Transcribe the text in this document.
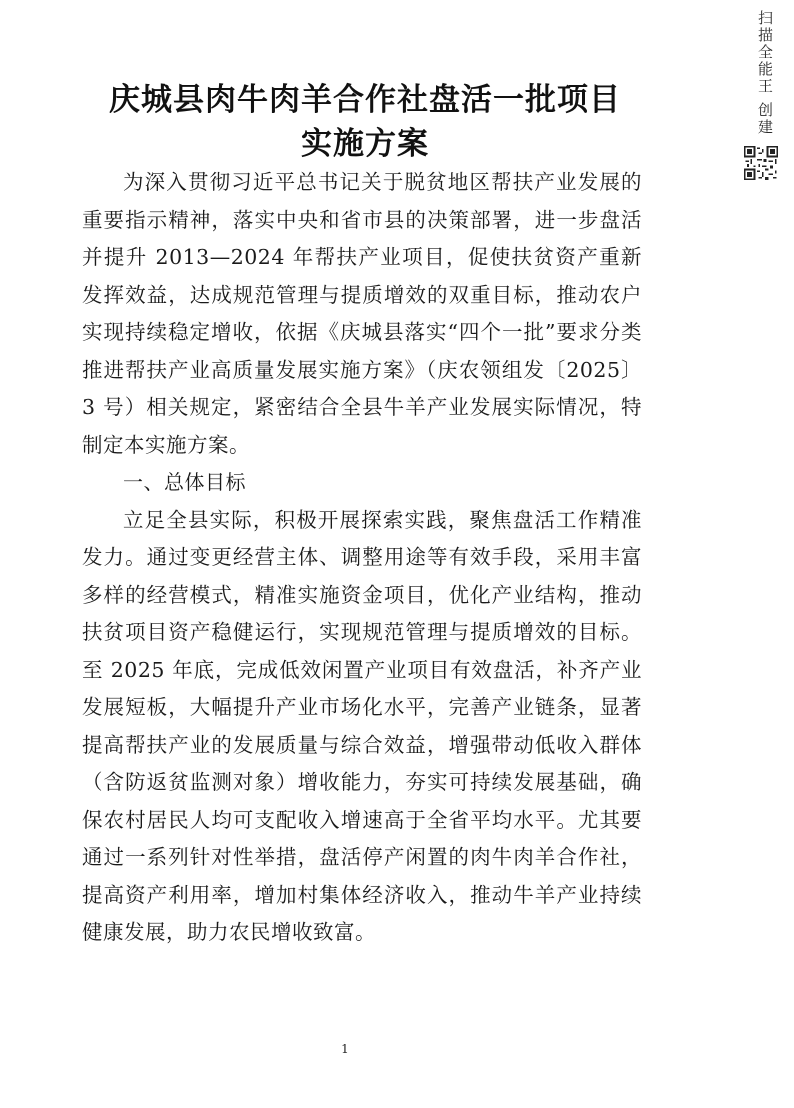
扫描全能王 创建
庆城县肉牛肉羊合作社盘活一批项目
实施方案

为深入贯彻习近平总书记关于脱贫地区帮扶产业发展的重要指示精神，落实中央和省市县的决策部署，进一步盘活并提升 2013—2024 年帮扶产业项目，促使扶贫资产重新发挥效益，达成规范管理与提质增效的双重目标，推动农户实现持续稳定增收，依据《庆城县落实“四个一批”要求分类推进帮扶产业高质量发展实施方案》（庆农领组发〔2025〕3 号）相关规定，紧密结合全县牛羊产业发展实际情况，特制定本实施方案。

一、总体目标

立足全县实际，积极开展探索实践，聚焦盘活工作精准发力。通过变更经营主体、调整用途等有效手段，采用丰富多样的经营模式，精准实施资金项目，优化产业结构，推动扶贫项目资产稳健运行，实现规范管理与提质增效的目标。至 2025 年底，完成低效闲置产业项目有效盘活，补齐产业发展短板，大幅提升产业市场化水平，完善产业链条，显著提高帮扶产业的发展质量与综合效益，增强带动低收入群体（含防返贫监测对象）增收能力，夯实可持续发展基础，确保农村居民人均可支配收入增速高于全省平均水平。尤其要通过一系列针对性举措，盘活停产闲置的肉牛肉羊合作社，提高资产利用率，增加村集体经济收入，推动牛羊产业持续健康发展，助力农民增收致富。

1
